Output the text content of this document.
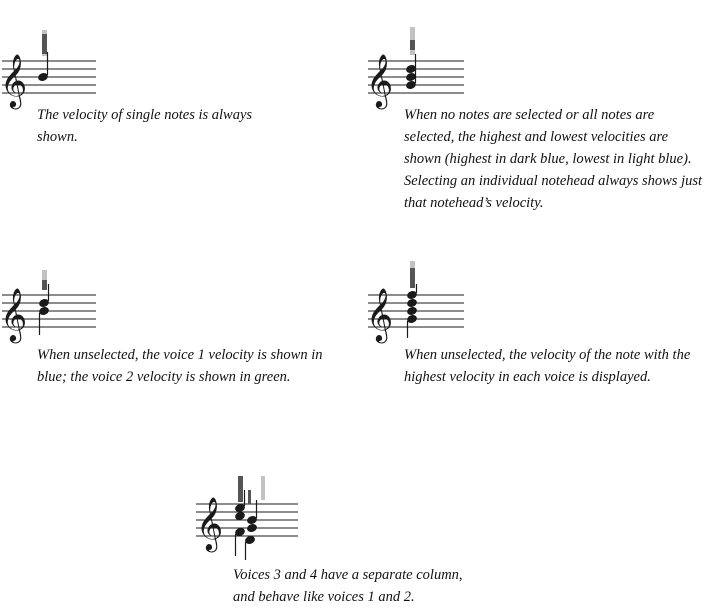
𝄞

The velocity of single notes is always shown.

𝄞

When no notes are selected or all notes are selected, the highest and lowest velocities are shown (highest in dark blue, lowest in light blue). Selecting an individual notehead always shows just that notehead’s velocity.

𝄞

When unselected, the voice 1 velocity is shown in blue; the voice 2 velocity is shown in green.

𝄞

When unselected, the velocity of the note with the highest velocity in each voice is displayed.

𝄞

Voices 3 and 4 have a separate column, and behave like voices 1 and 2.
